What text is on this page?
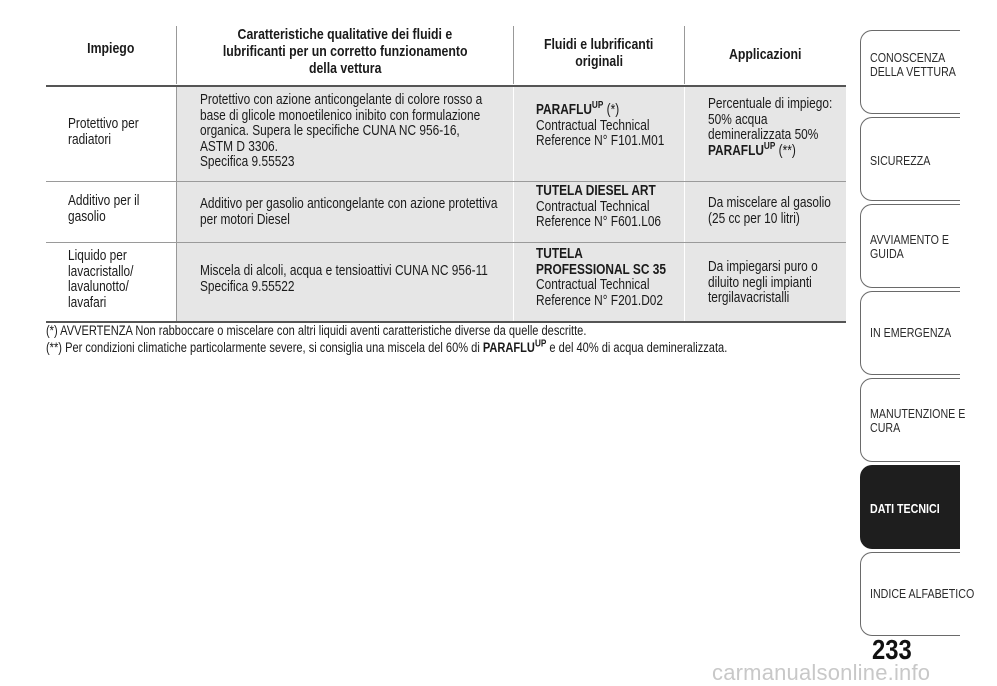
Impiego
Caratteristiche qualitative dei fluidi e
lubrificanti per un corretto funzionamento
della vettura
Fluidi e lubrificanti
originali	Applicazioni
Protettivo per
radiatori
Protettivo con azione anticongelante di colore rosso a
base di glicole monoetilenico inibito con formulazione
organica. Supera le specifiche CUNA NC 956-16,
ASTM D 3306.
Specifica 9.55523
$PARAFLU^{UP}$ (*)
Contractual Technical
Reference N° F101.M01
Percentuale di impiego:
50% acqua
demineralizzata 50%
$PARAFLU^{UP}$ (**)
Additivo per il
gasolio
Additivo per gasolio anticongelante con azione protettiva
per motori Diesel
TUTELA DIESEL ART
Contractual Technical
Reference N° F601.L06
Da miscelare al gasolio
(25 cc per 10 litri)
Liquido per
lavacristallo/
lavalunotto/
lavafari
Miscela di alcoli, acqua e tensioattivi CUNA NC 956-11
Specifica 9.55522
TUTELA
PROFESSIONAL SC 35
Contractual Technical
Reference N° F201.D02
Da impiegarsi puro o
diluito negli impianti
tergilavacristalli
(*) AVVERTENZA Non rabboccare o miscelare con altri liquidi aventi caratteristiche diverse da quelle descritte.
(**) Per condizioni climatiche particolarmente severe, si consiglia una miscela del 60% di $PARAFLU^{UP}$ e del 40% di acqua demineralizzata.
CONOSCENZA
DELLA VETTURA
SICUREZZA
AVVIAMENTO E
GUIDA
IN EMERGENZA
MANUTENZIONE E
CURA
DATI TECNICI
INDICE ALFABETICO
233
carmanualsonline.info
